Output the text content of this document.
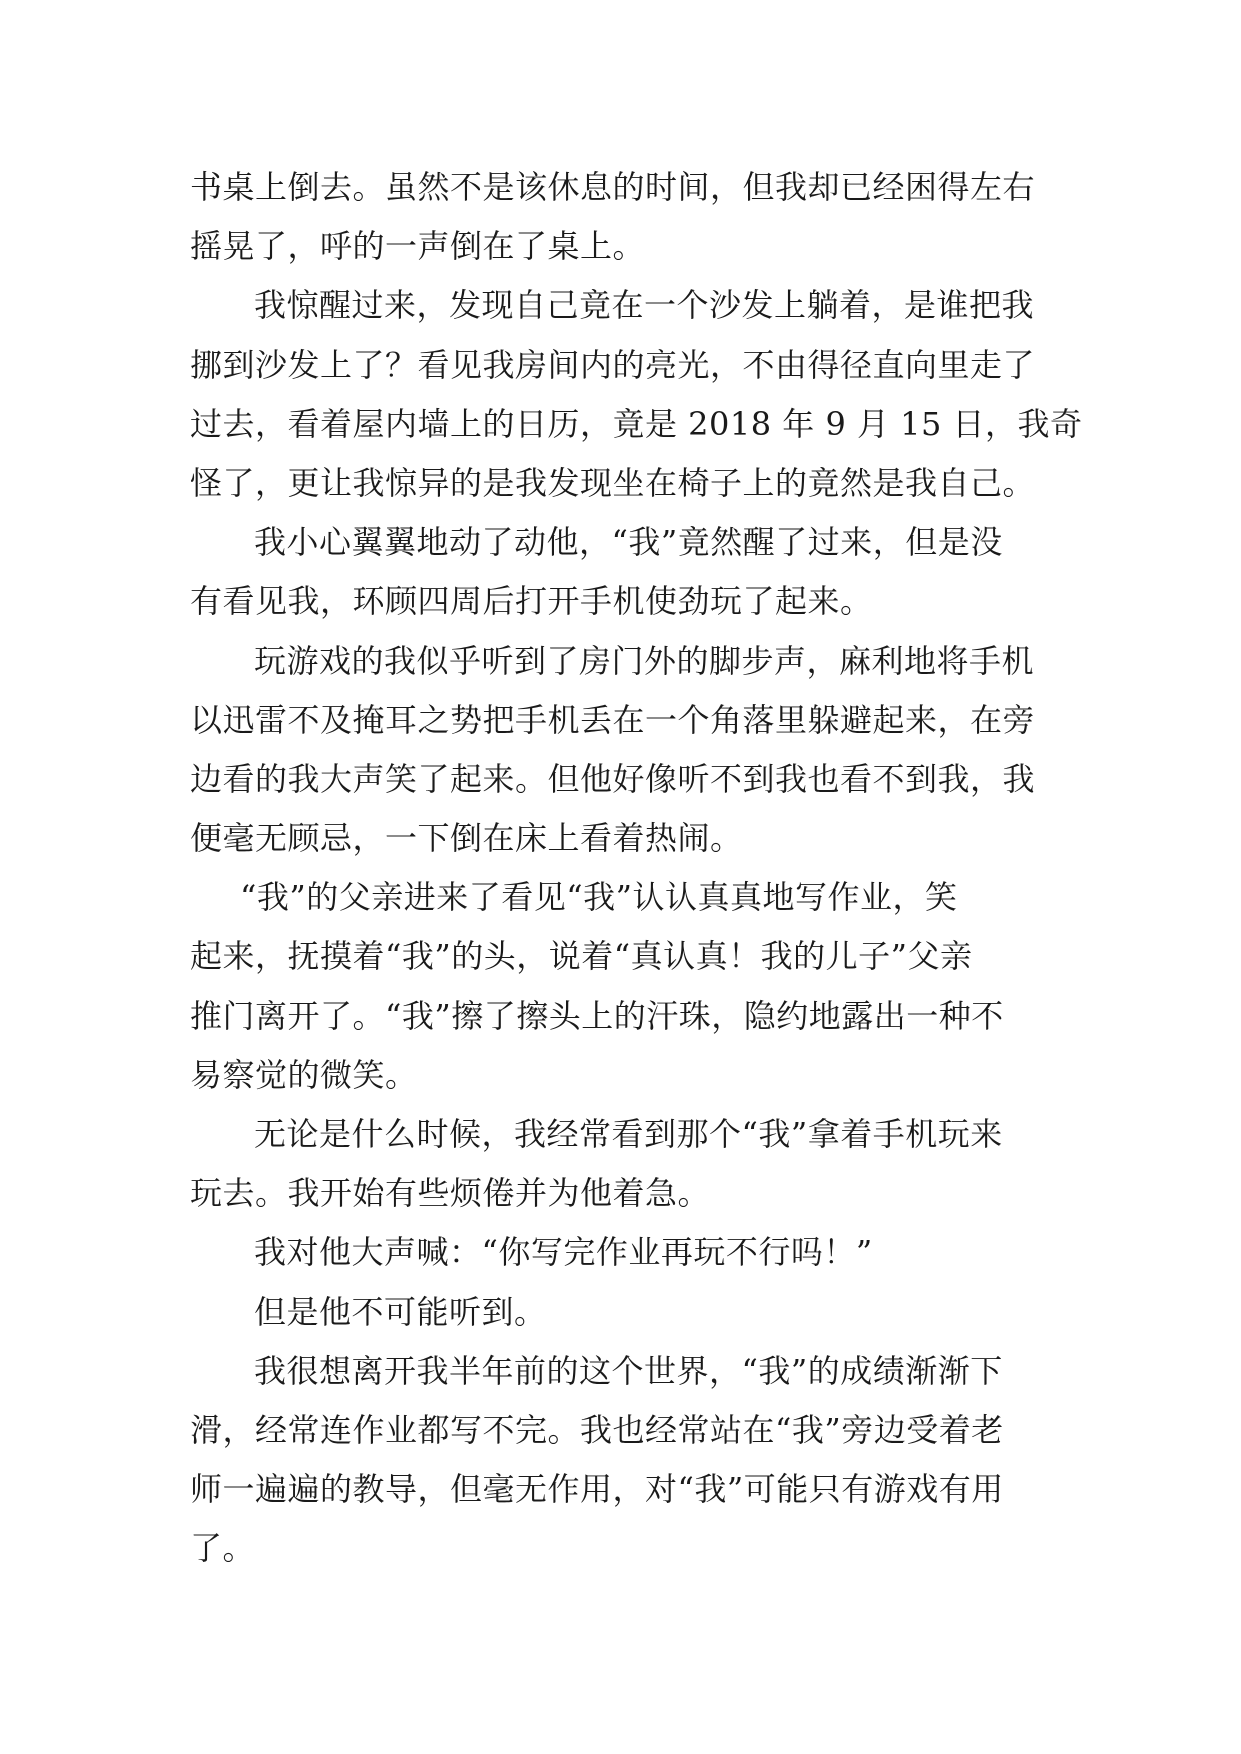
书桌上倒去。虽然不是该休息的时间，但我却已经困得左右
摇晃了，呼的一声倒在了桌上。
我惊醒过来，发现自己竟在一个沙发上躺着，是谁把我
挪到沙发上了？看见我房间内的亮光，不由得径直向里走了
过去，看着屋内墙上的日历，竟是 2018 年 9 月 15 日，我奇
怪了，更让我惊异的是我发现坐在椅子上的竟然是我自己。
我小心翼翼地动了动他，“我”竟然醒了过来，但是没
有看见我，环顾四周后打开手机使劲玩了起来。
玩游戏的我似乎听到了房门外的脚步声，麻利地将手机
以迅雷不及掩耳之势把手机丢在一个角落里躲避起来，在旁
边看的我大声笑了起来。但他好像听不到我也看不到我，我
便毫无顾忌，一下倒在床上看着热闹。
“我”的父亲进来了看见“我”认认真真地写作业，笑
起来，抚摸着“我”的头，说着“真认真！我的儿子”父亲
推门离开了。“我”擦了擦头上的汗珠，隐约地露出一种不
易察觉的微笑。
无论是什么时候，我经常看到那个“我”拿着手机玩来
玩去。我开始有些烦倦并为他着急。
我对他大声喊：“你写完作业再玩不行吗！”
但是他不可能听到。
我很想离开我半年前的这个世界，“我”的成绩渐渐下
滑，经常连作业都写不完。我也经常站在“我”旁边受着老
师一遍遍的教导，但毫无作用，对“我”可能只有游戏有用
了。
